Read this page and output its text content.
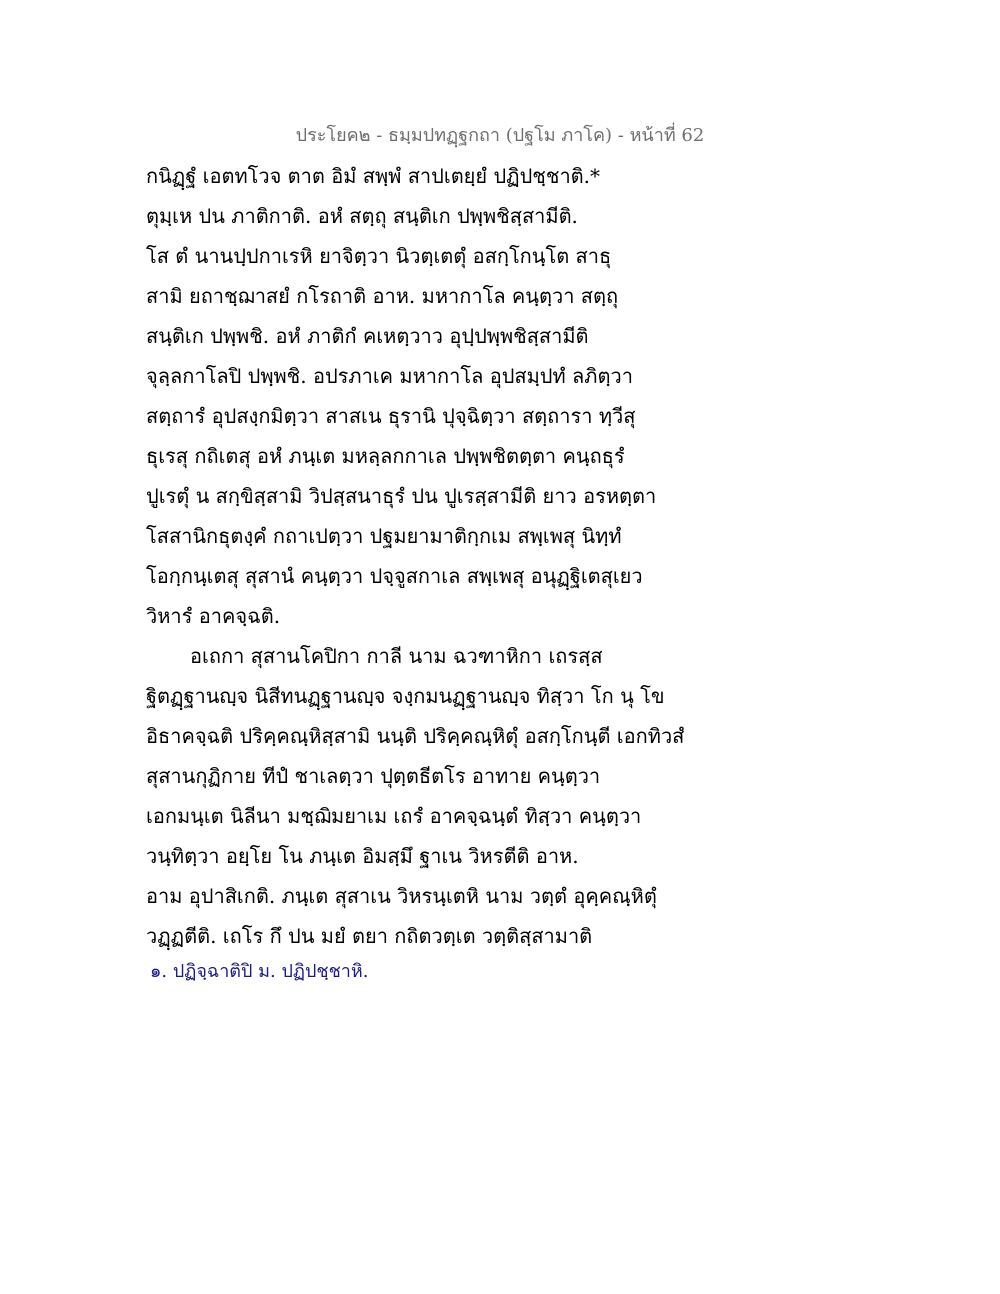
ประโยค๒ - ธมฺมปทฏฺฐกถา (ปฐโม ภาโค) - หน้าที่ 62
กนิฏฺฐํ เอตทโวจ ตาต อิมํ สพฺพํ สาปเตยฺยํ ปฏิปชฺชาติ.*
ตุมฺเห ปน ภาติกาติ. อหํ สตฺถุ สนฺติเก ปพฺพชิสฺสามีติ.
โส ตํ นานปฺปกาเรหิ ยาจิตฺวา นิวตฺเตตุํ อสกฺโกนฺโต สาธุ
สามิ ยถาชฺฌาสยํ กโรถาติ อาห. มหากาโล คนฺตฺวา สตฺถุ
สนฺติเก ปพฺพชิ. อหํ ภาติกํ คเหตฺวาว อุปฺปพฺพชิสฺสามีติ
จุลฺลกาโลปิ ปพฺพชิ. อปรภาเค มหากาโล อุปสมฺปทํ ลภิตฺวา
สตฺถารํ อุปสงฺกมิตฺวา สาสเน ธุรานิ ปุจฺฉิตฺวา สตฺถารา ทฺวีสุ
ธุเรสุ กถิเตสุ อหํ ภนฺเต มหลฺลกกาเล ปพฺพชิตตฺตา คนฺถธุรํ
ปูเรตุํ น สกฺขิสฺสามิ วิปสฺสนาธุรํ ปน ปูเรสฺสามีติ ยาว อรหตฺตา
โสสานิกธุตงฺคํ กถาเปตฺวา ปฐมยามาติกฺกเม สพฺเพสุ นิทฺทํ
โอกฺกนฺเตสุ สุสานํ คนฺตฺวา ปจฺจูสกาเล สพฺเพสุ อนุฏฺฐิเตสุเยว
วิหารํ อาคจฺฉติ.
อเถกา สุสานโคปิกา กาลี นาม ฉวฑาหิกา เถรสฺส
ฐิตฏฺฐานญฺจ นิสีทนฏฺฐานญฺจ จงฺกมนฏฺฐานญฺจ ทิสฺวา โก นุ โข
อิธาคจฺฉติ ปริคฺคณฺหิสฺสามิ นนฺติ ปริคฺคณฺหิตุํ อสกฺโกนฺตี เอกทิวสํ
สุสานกุฏิกาย ทีปํ ชาเลตฺวา ปุตฺตธีตโร อาทาย คนฺตฺวา
เอกมนฺเต นิลีนา มชฺฌิมยาเม เถรํ อาคจฺฉนฺตํ ทิสฺวา คนฺตฺวา
วนฺทิตฺวา อยฺโย โน ภนฺเต อิมสฺมึ ฐาเน วิหรตีติ อาห.
อาม อุปาสิเกติ. ภนฺเต สุสาเน วิหรนฺเตหิ นาม วตฺตํ อุคฺคณฺหิตุํ
วฏฺฏตีติ. เถโร กึ ปน มยํ ตยา กถิตวตฺเต วตฺติสฺสามาติ
๑. ปฏิจฺฉาติปิ ม. ปฏิปชฺชาหิ.
